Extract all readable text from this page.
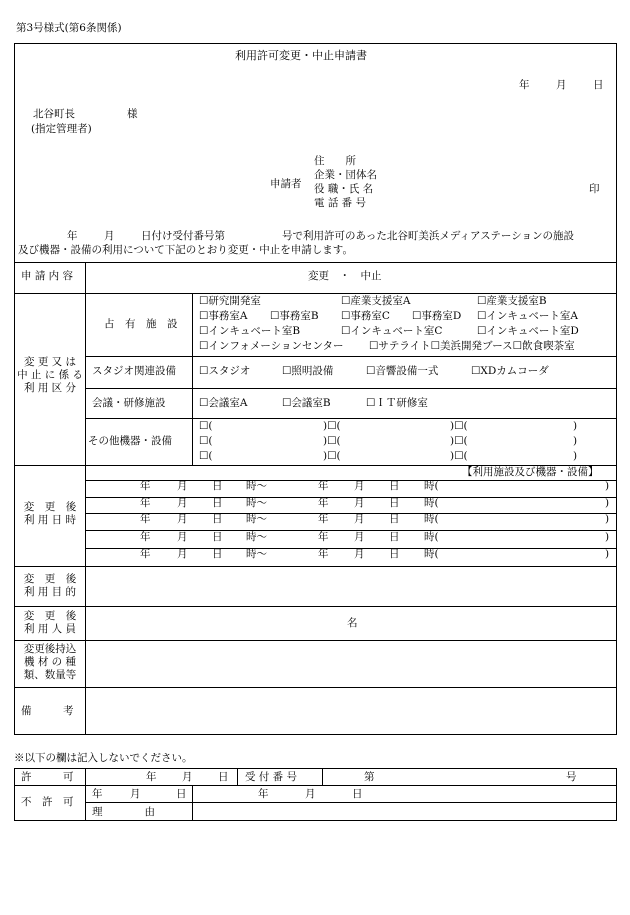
第3号様式(第6条関係)
利用許可変更・中止申請書
年	月	日
北谷町長	様
(指定管理者)
申請者
住　　所
企業・団体名
役 職・氏 名
電 話 番 号
印
年	月	日付け受付番号第	号で利用許可のあった北谷町美浜メディアステーションの施設
及び機器・設備の利用について下記のとおり変更・中止を申請します。
申 請 内 容	変更　・　中止
変 更 又 は
中 止 に 係 る
利 用 区 分
占　有　施　設
☐研究開発室	☐産業支援室A	☐産業支援室B
☐事務室A ☐事務室B ☐事務室C ☐事務室D ☐インキュベート室A
☐インキュベート室B	☐インキュベート室C	☐インキュベート室D
☐インフォメーションセンター ☐サテライト☐美浜開発ブース☐飲食喫茶室
スタジオ関連設備 ☐スタジオ	☐照明設備	☐音響設備一式	☐XDカムコーダ
会議・研修施設	☐会議室A	☐会議室B	☐ＩＴ研修室
その他機器・設備
☐(	)☐(	)☐(	)
☐(	)☐(	)☐(	)
☐(	)☐(	)☐(	)
変　更　後
利 用 日 時
【利用施設及び機器・設備】
年	月 日 時～	年 月 日 時(	)
年	月 日 時～	年 月 日 時(	)
年	月 日 時～	年 月 日 時(	)
年	月 日 時～	年 月 日 時(	)
年	月 日 時～	年 月 日 時(	)
変　更　後
利 用 目 的
変　更　後
利 用 人 員	名
変更後持込
機 材 の 種
類、数量等
備　　　考
※以下の欄は記入しないでください。
許　　　可	年 月 日 受 付 番 号	第	号
不　許　可
年	月	日	年	月	日
理　　　　由
